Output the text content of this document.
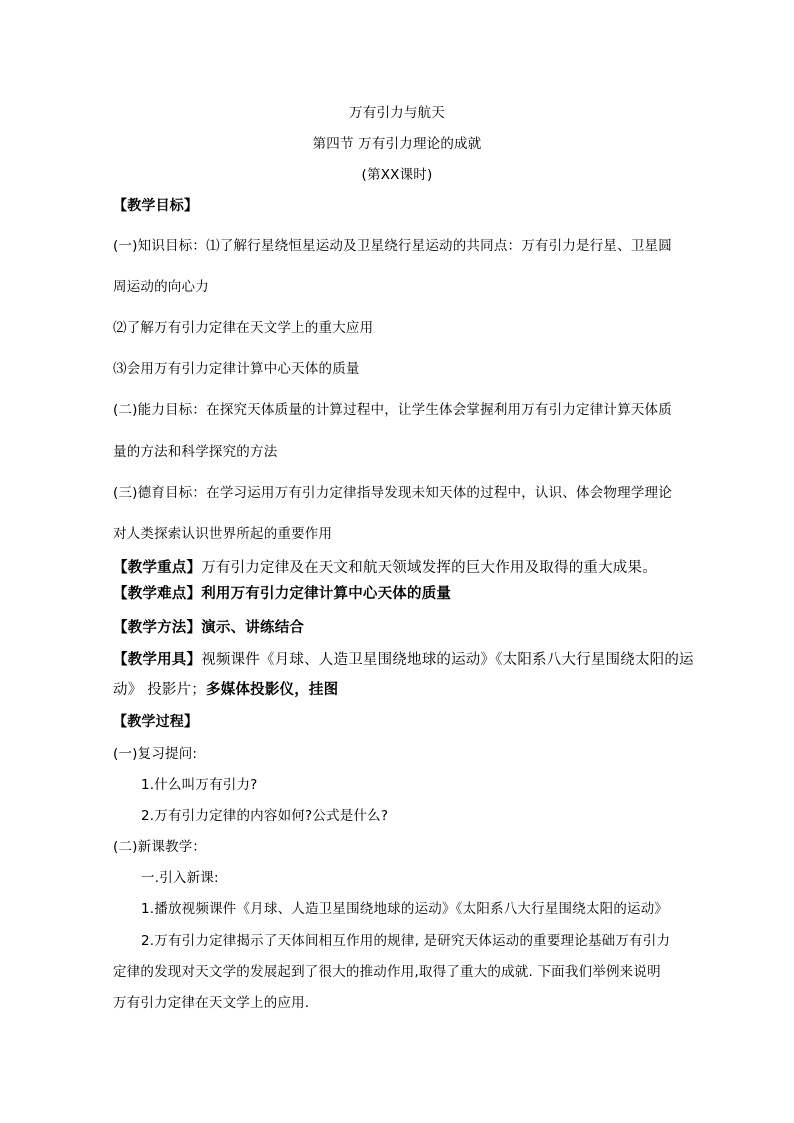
万有引力与航天
第四节 万有引力理论的成就
(第XX课时)
【教学目标】
(一)知识目标：⑴了解行星绕恒星运动及卫星绕行星运动的共同点：万有引力是行星、卫星圆
周运动的向心力
⑵了解万有引力定律在天文学上的重大应用
⑶会用万有引力定律计算中心天体的质量
(二)能力目标：在探究天体质量的计算过程中，让学生体会掌握利用万有引力定律计算天体质
量的方法和科学探究的方法
(三)德育目标：在学习运用万有引力定律指导发现未知天体的过程中，认识、体会物理学理论
对人类探索认识世界所起的重要作用
【教学重点】万有引力定律及在天文和航天领域发挥的巨大作用及取得的重大成果。
【教学难点】利用万有引力定律计算中心天体的质量
【教学方法】演示、讲练结合
【教学用具】视频课件《月球、人造卫星围绕地球的运动》《太阳系八大行星围绕太阳的运
动》 投影片；多媒体投影仪，挂图
【教学过程】
(一)复习提问:
1.什么叫万有引力?
2.万有引力定律的内容如何?公式是什么?
(二)新课教学：
一.引入新课:
1.播放视频课件《月球、人造卫星围绕地球的运动》《太阳系八大行星围绕太阳的运动》
2.万有引力定律揭示了天体间相互作用的规律, 是研究天体运动的重要理论基础万有引力
定律的发现对天文学的发展起到了很大的推动作用,取得了重大的成就. 下面我们举例来说明
万有引力定律在天文学上的应用.
